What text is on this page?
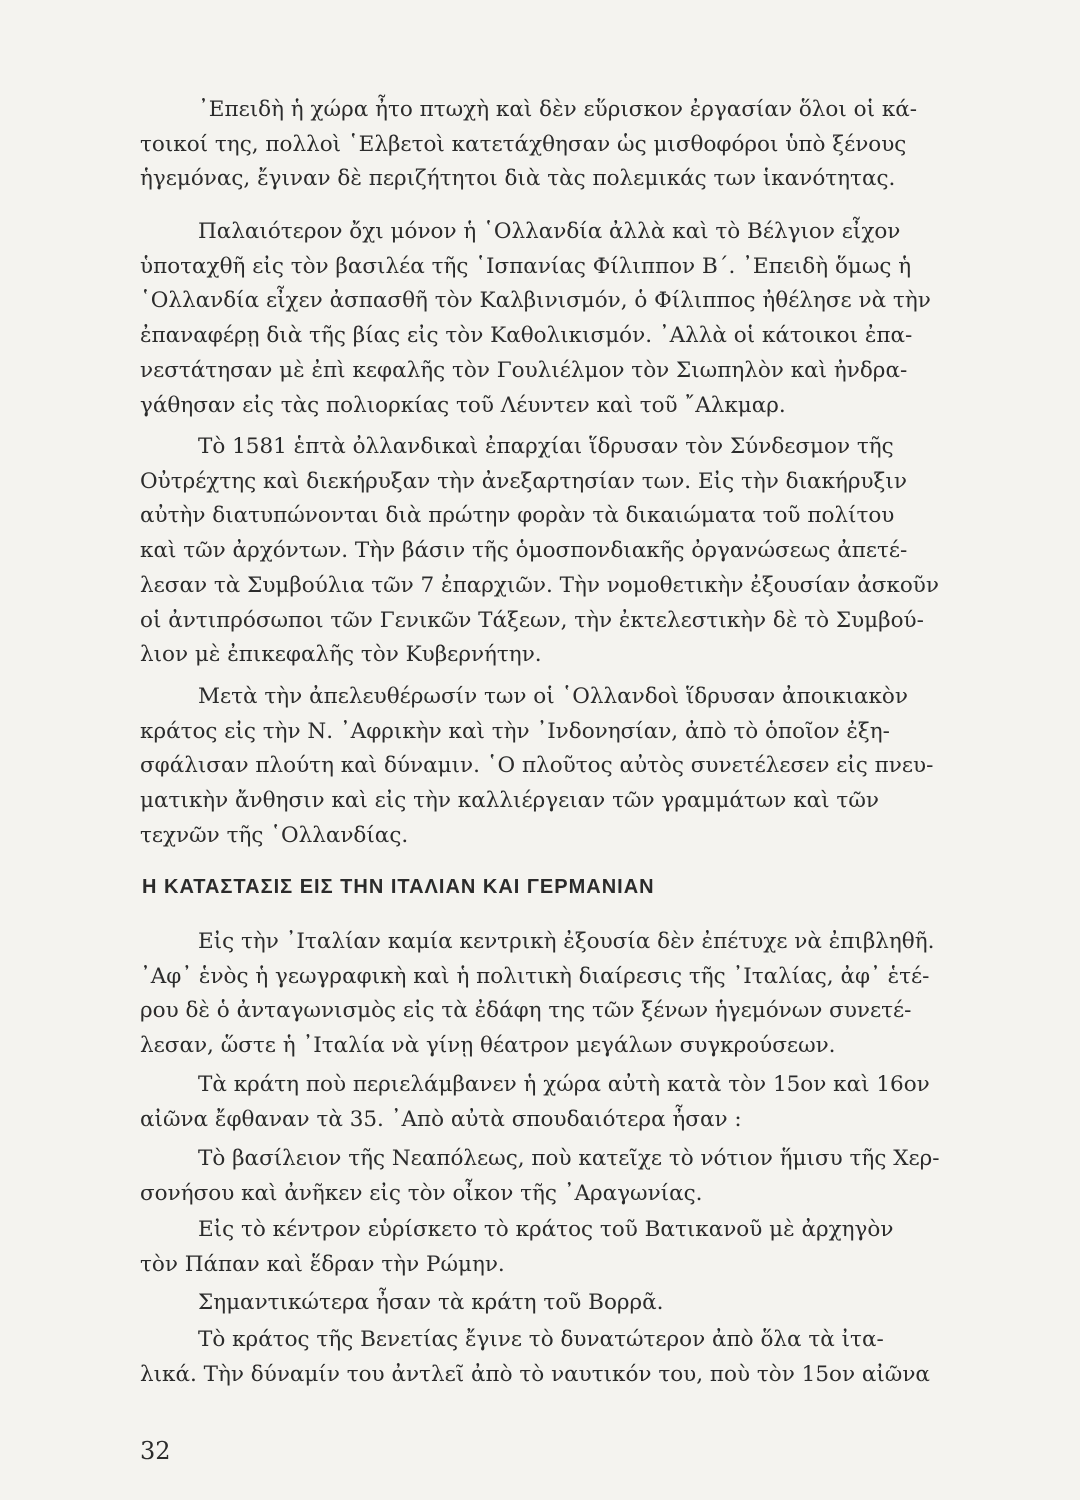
᾿Επειδὴ ἡ χώρα ἦτο πτωχὴ καὶ δὲν εὕρισκον ἐργασίαν ὅλοι οἱ κά-
τοικοί της, πολλοὶ ῾Ελβετοὶ κατετάχθησαν ὡς μισθοφόροι ὑπὸ ξένους
ἡγεμόνας, ἔγιναν δὲ περιζήτητοι διὰ τὰς πολεμικάς των ἱκανότητας.
Παλαιότερον ὄχι μόνον ἡ ῾Ολλανδία ἀλλὰ καὶ τὸ Βέλγιον εἶχον
ὑποταχθῆ εἰς τὸν βασιλέα τῆς ῾Ισπανίας Φίλιππον Β΄. ᾿Επειδὴ ὅμως ἡ
῾Ολλανδία εἶχεν ἀσπασθῆ τὸν Καλβινισμόν, ὁ Φίλιππος ἠθέλησε νὰ τὴν
ἐπαναφέρῃ διὰ τῆς βίας εἰς τὸν Καθολικισμόν. ᾿Αλλὰ οἱ κάτοικοι ἐπα-
νεστάτησαν μὲ ἐπὶ κεφαλῆς τὸν Γουλιέλμον τὸν Σιωπηλὸν καὶ ἠνδρα-
γάθησαν εἰς τὰς πολιορκίας τοῦ Λέυντεν καὶ τοῦ ῎Αλκμαρ.
Τὸ 1581 ἑπτὰ ὀλλανδικαὶ ἐπαρχίαι ἵδρυσαν τὸν Σύνδεσμον τῆς
Οὐτρέχτης καὶ διεκήρυξαν τὴν ἀνεξαρτησίαν των. Εἰς τὴν διακήρυξιν
αὐτὴν διατυπώνονται διὰ πρώτην φορὰν τὰ δικαιώματα τοῦ πολίτου
καὶ τῶν ἀρχόντων. Τὴν βάσιν τῆς ὁμοσπονδιακῆς ὀργανώσεως ἀπετέ-
λεσαν τὰ Συμβούλια τῶν 7 ἐπαρχιῶν. Τὴν νομοθετικὴν ἐξουσίαν ἀσκοῦν
οἱ ἀντιπρόσωποι τῶν Γενικῶν Τάξεων, τὴν ἐκτελεστικὴν δὲ τὸ Συμβού-
λιον μὲ ἐπικεφαλῆς τὸν Κυβερνήτην.
Μετὰ τὴν ἀπελευθέρωσίν των οἱ ῾Ολλανδοὶ ἵδρυσαν ἀποικιακὸν
κράτος εἰς τὴν Ν. ᾿Αφρικὴν καὶ τὴν ᾿Ινδονησίαν, ἀπὸ τὸ ὁποῖον ἐξη-
σφάλισαν πλούτη καὶ δύναμιν. ῾Ο πλοῦτος αὐτὸς συνετέλεσεν εἰς πνευ-
ματικὴν ἄνθησιν καὶ εἰς τὴν καλλιέργειαν τῶν γραμμάτων καὶ τῶν
τεχνῶν τῆς ῾Ολλανδίας.
Η ΚΑΤΑΣΤΑΣΙΣ ΕΙΣ ΤΗΝ ΙΤΑΛΙΑΝ ΚΑΙ ΓΕΡΜΑΝΙΑΝ
Εἰς τὴν ᾿Ιταλίαν καμία κεντρικὴ ἐξουσία δὲν ἐπέτυχε νὰ ἐπιβληθῆ.
᾿Αφ᾿ ἑνὸς ἡ γεωγραφικὴ καὶ ἡ πολιτικὴ διαίρεσις τῆς ᾿Ιταλίας, ἀφ᾿ ἑτέ-
ρου δὲ ὁ ἀνταγωνισμὸς εἰς τὰ ἐδάφη της τῶν ξένων ἡγεμόνων συνετέ-
λεσαν, ὥστε ἡ ᾿Ιταλία νὰ γίνῃ θέατρον μεγάλων συγκρούσεων.
Τὰ κράτη ποὺ περιελάμβανεν ἡ χώρα αὐτὴ κατὰ τὸν 15ον καὶ 16ον
αἰῶνα ἔφθαναν τὰ 35. ᾿Απὸ αὐτὰ σπουδαιότερα ἦσαν :
Τὸ βασίλειον τῆς Νεαπόλεως, ποὺ κατεῖχε τὸ νότιον ἥμισυ τῆς Χερ-
σονήσου καὶ ἀνῆκεν εἰς τὸν οἶκον τῆς ᾿Αραγωνίας.
Εἰς τὸ κέντρον εὑρίσκετο τὸ κράτος τοῦ Βατικανοῦ μὲ ἀρχηγὸν
τὸν Πάπαν καὶ ἕδραν τὴν Ρώμην.
Σημαντικώτερα ἦσαν τὰ κράτη τοῦ Βορρᾶ.
Τὸ κράτος τῆς Βενετίας ἔγινε τὸ δυνατώτερον ἀπὸ ὅλα τὰ ἰτα-
λικά. Τὴν δύναμίν του ἀντλεῖ ἀπὸ τὸ ναυτικόν του, ποὺ τὸν 15ον αἰῶνα

32
